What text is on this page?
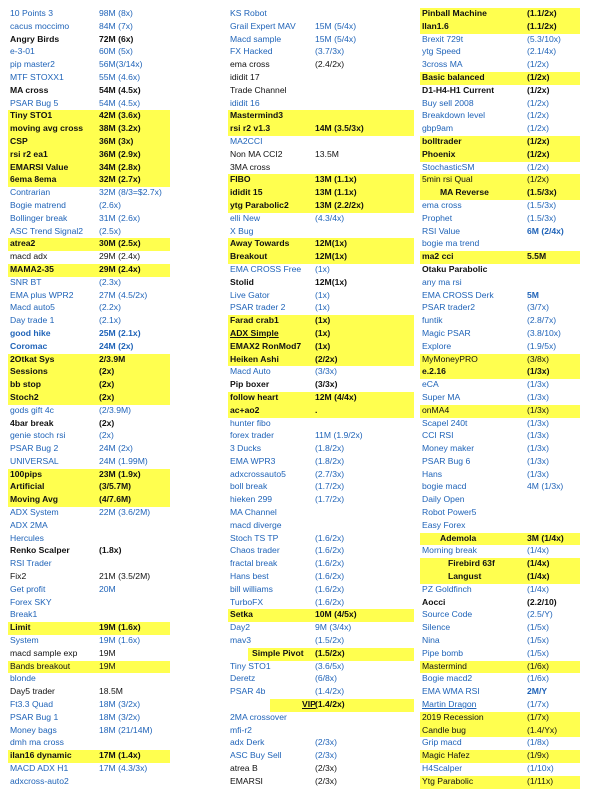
10 Points 3	98M (8x)
cacus moccimo	84M (7x)
Angry Birds	72M (6x)
e-3-01	60M (5x)
pip master2	56M(3/14x)
MTF STOXX1	55M (4.6x)
MA cross	54M (4.5x)
PSAR Bug 5	54M (4.5x)
Tiny STO1	42M (3.6x)
moving avg cross 38M (3.2x)
CSP	36M (3x)
rsi r2 ea1	36M (2.9x)
EMARSI Value	34M (2.8x)
6ema 8ema	32M (2.7x)
Contrarian	32M (8/3=$2.7x)
Bogie matrend	(2.6x)
Bollinger break	31M (2.6x)
ASC Trend Signal2 (2.5x)
atrea2	30M (2.5x)
macd adx	29M (2.4x)
MAMA2-35	29M (2.4x)
SNR BT	(2.3x)
EMA plus WPR2	27M (4.5/2x)
Macd auto5	(2.2x)
Day trade 1	(2.1x)
good hike	25M (2.1x)
Coromac	24M (2x)
2Otkat Sys	2/3.9M
Sessions	(2x)
bb stop	(2x)
Stoch2	(2x)
gods gift 4c	(2/3.9M)
4bar break	(2x)
genie stoch rsi	(2x)
PSAR Bug 2	24M (2x)
UNIVERSAL	24M (1.99M)
100pips	23M (1.9x)
Artificial	(3/5.7M)
Moving Avg	(4/7.6M)
ADX System	22M (3.6/2M)
ADX 2MA
Hercules
Renko Scalper	(1.8x)
RSI Trader
Fix2	21M (3.5/2M)
Get profit	20M
Forex SKY
Break1
Limit	19M (1.6x)
System	19M (1.6x)
macd sample exp	19M
Bands breakout	19M
blonde
Day5 trader	18.5M
Ft3.3 Quad	18M (3/2x)
PSAR Bug 1	18M (3/2x)
Money bags	18M (21/14M)
dmh ma cross
ilan16 dynamic	17M (1.4x)
MACD ADX H1	17M (4.3/3x)
adxcross-auto2
KS Robot
Grail Expert MAV 15M (5/4x)
Macd sample	15M (5/4x)
FX Hacked	(3.7/3x)
ema cross	(2.4/2x)
ididit 17
Trade Channel
ididit 16
Mastermind3
rsi r2 v1.3	14M (3.5/3x)
MA2CCI
Non MA CCI2	13.5M
3MA cross
FIBO	13M (1.1x)
ididit 15	13M (1.1x)
ytg Parabolic2	13M (2.2/2x)
elli New	(4.3/4x)
X Bug
Away Towards	12M(1x)
Breakout	12M(1x)
EMA CROSS Free (1x)
Stolid	12M(1x)
Live Gator	(1x)
PSAR trader 2	(1x)
Farad crab1	(1x)
ADX Simple	(1x)
EMAX2 RonMod7 (1x)
Heiken Ashi	(2/2x)
Macd Auto	(3/3x)
Pip boxer	(3/3x)
follow heart	12M (4/4x)
ac+ao2	.
hunter fibo
forex trader	11M (1.9/2x)
3 Ducks	(1.8/2x)
EMA WPR3	(1.8/2x)
adxcrossauto5	(2.7/3x)
boll break	(1.7/2x)
hieken 299	(1.7/2x)
MA Channel
macd diverge
Stoch TS TP	(1.6/2x)
Chaos trader	(1.6/2x)
fractal break	(1.6/2x)
Hans best	(1.6/2x)
bill williams	(1.6/2x)
TurboFX	(1.6/2x)
Setka	10M (4/5x)
Day2	9M (3/4x)
mav3	(1.5/2x)
Simple Pivot (1.5/2x)
Tiny STO1	(3.6/5x)
Deretz	(6/8x)
PSAR 4b	(1.4/2x)
VIP (1.4/2x)
2MA crossover
mfi-r2
adx Derk	(2/3x)
ASC Buy Sell	(2/3x)
atrea B	(2/3x)
EMARSI	(2/3x)
Pinball Machine	(1.1/2x)
Ilan1.6	(1.1/2x)
Brexit 729t	(5.3/10x)
ytg Speed	(2.1/4x)
3cross MA	(1/2x)
Basic balanced	(1/2x)
D1-H4-H1 Current	(1/2x)
Buy sell 2008	(1/2x)
Breakdown level	(1/2x)
gbp9am	(1/2x)
bolltrader	(1/2x)
Phoenix	(1/2x)
StochasticSM	(1/2x)
5min rsi Qual	(1/2x)
MA Reverse	(1.5/3x)
ema cross	(1.5/3x)
Prophet	(1.5/3x)
RSI Value	6M (2/4x)
bogie ma trend
ma2 cci	5.5M
Otaku Parabolic
any ma rsi
EMA CROSS Derk	5M
PSAR trader2	(3/7x)
funtik	(2.8/7x)
Magic PSAR	(3.8/10x)
Explore	(1.9/5x)
MyMoneyPRO	(3/8x)
e.2.16	(1/3x)
eCA	(1/3x)
Super MA	(1/3x)
onMA4	(1/3x)
Scapel 240t	(1/3x)
CCI RSI	(1/3x)
Money maker	(1/3x)
PSAR Bug 6	(1/3x)
Hans	(1/3x)
bogie macd	4M (1/3x)
Daily Open
Robot Power5
Easy Forex
Ademola	3M (1/4x)
Morning break	(1/4x)
Firebird 63f	(1/4x)
Langust	(1/4x)
PZ Goldfinch	(1/4x)
Aocci	(2.2/10)
Source Code	(2.5/Y)
Silence	(1/5x)
Nina	(1/5x)
Pipe bomb	(1/5x)
Mastermind	(1/6x)
Bogie macd2	(1/6x)
EMA WMA RSI	2M/Y
Martin Dragon	(1/7x)
2019 Recession	(1/7x)
Candle bug	(1.4/Yx)
Grip macd	(1/8x)
Magic Hafez	(1/9x)
H4Scalper	(1/10x)
Ytg Parabolic	(1/11x)
